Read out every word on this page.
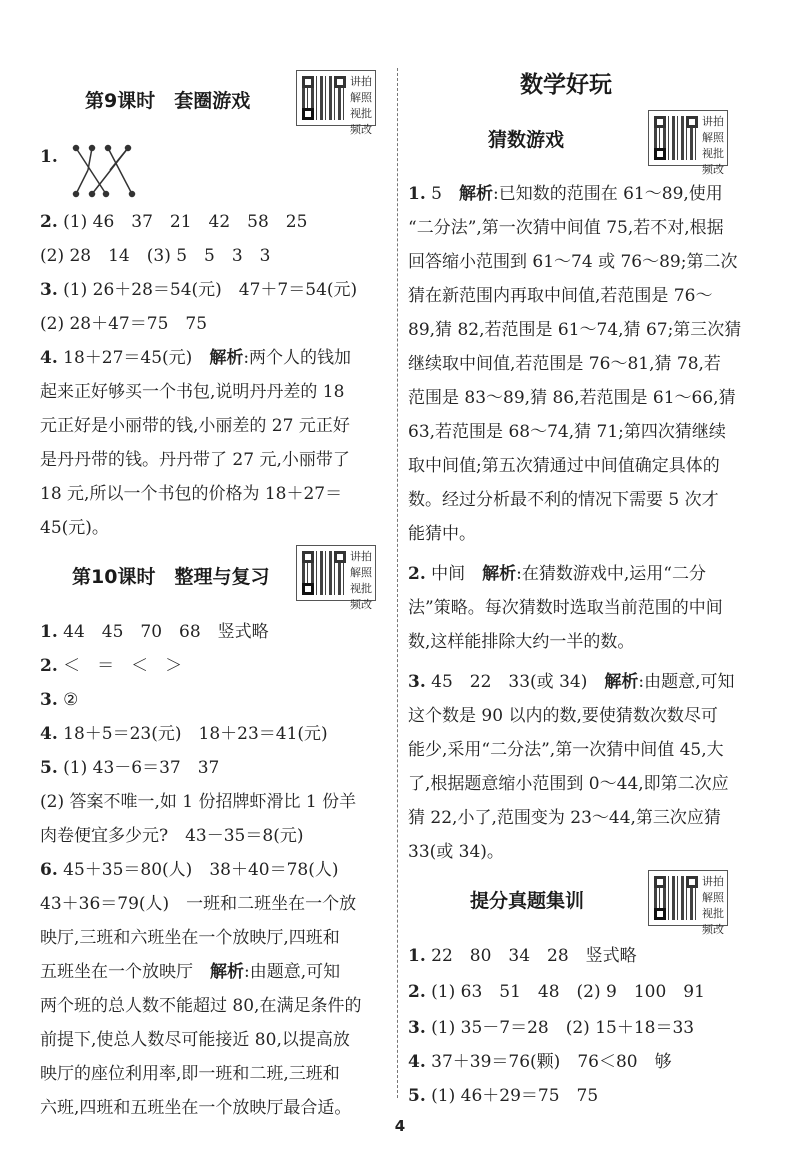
第9课时　套圈游戏
讲拍解照视批频改
1.
2. (1) 46　37　21　42　58　25
(2) 28　14　(3) 5　5　3　3
3. (1) 26＋28＝54(元)　47＋7＝54(元)
(2) 28＋47＝75　75
4. 18＋27＝45(元)　解析:两个人的钱加
起来正好够买一个书包,说明丹丹差的 18
元正好是小丽带的钱,小丽差的 27 元正好
是丹丹带的钱。丹丹带了 27 元,小丽带了
18 元,所以一个书包的价格为 18＋27＝
45(元)。
第10课时　整理与复习
讲拍解照视批频改
1. 44　45　70　68　竖式略
2. ＜　＝　＜　＞
3. ②
4. 18＋5＝23(元)　18＋23＝41(元)
5. (1) 43－6＝37　37
(2) 答案不唯一,如 1 份招牌虾滑比 1 份羊
肉卷便宜多少元?　43－35＝8(元)
6. 45＋35＝80(人)　38＋40＝78(人)
43＋36＝79(人)　一班和二班坐在一个放
映厅,三班和六班坐在一个放映厅,四班和
五班坐在一个放映厅　解析:由题意,可知
两个班的总人数不能超过 80,在满足条件的
前提下,使总人数尽可能接近 80,以提高放
映厅的座位利用率,即一班和二班,三班和
六班,四班和五班坐在一个放映厅最合适。
数学好玩
讲拍解照视批频改
猜数游戏
1. 5　解析:已知数的范围在 61～89,使用
“二分法”,第一次猜中间值 75,若不对,根据
回答缩小范围到 61～74 或 76～89;第二次
猜在新范围内再取中间值,若范围是 76～
89,猜 82,若范围是 61～74,猜 67;第三次猜
继续取中间值,若范围是 76～81,猜 78,若
范围是 83～89,猜 86,若范围是 61～66,猜
63,若范围是 68～74,猜 71;第四次猜继续
取中间值;第五次猜通过中间值确定具体的
数。经过分析最不利的情况下需要 5 次才
能猜中。
2. 中间　解析:在猜数游戏中,运用“二分
法”策略。每次猜数时选取当前范围的中间
数,这样能排除大约一半的数。
3. 45　22　33(或 34)　解析:由题意,可知
这个数是 90 以内的数,要使猜数次数尽可
能少,采用“二分法”,第一次猜中间值 45,大
了,根据题意缩小范围到 0～44,即第二次应
猜 22,小了,范围变为 23～44,第三次应猜
33(或 34)。
提分真题集训
讲拍解照视批频改
1. 22　80　34　28　竖式略
2. (1) 63　51　48　(2) 9　100　91
3. (1) 35－7＝28　(2) 15＋18＝33
4. 37＋39＝76(颗)　76＜80　够
5. (1) 46＋29＝75　75
4
